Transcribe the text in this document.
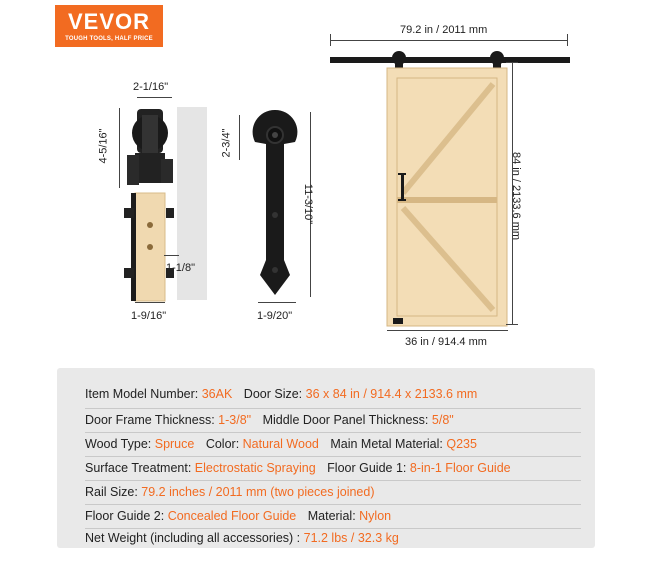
VEVOR
TOUGH TOOLS, HALF PRICE
2-1/16"
4-5/16"
1-1/8"
1-9/16"
2-3/4"
11-3/10"
1-9/20"
79.2 in / 2011 mm
84 in / 2133.6 mm
36 in / 914.4 mm
Item Model Number: 36AK Door Size: 36 x 84 in / 914.4 x 2133.6 mm
Door Frame Thickness: 1-3/8" Middle Door Panel Thickness: 5/8"
Wood Type: Spruce Color: Natural Wood Main Metal Material: Q235
Surface Treatment: Electrostatic Spraying Floor Guide 1: 8-in-1 Floor Guide
Rail Size: 79.2 inches / 2011 mm (two pieces joined)
Floor Guide 2: Concealed Floor Guide Material: Nylon
Net Weight (including all accessories) : 71.2 lbs / 32.3 kg
